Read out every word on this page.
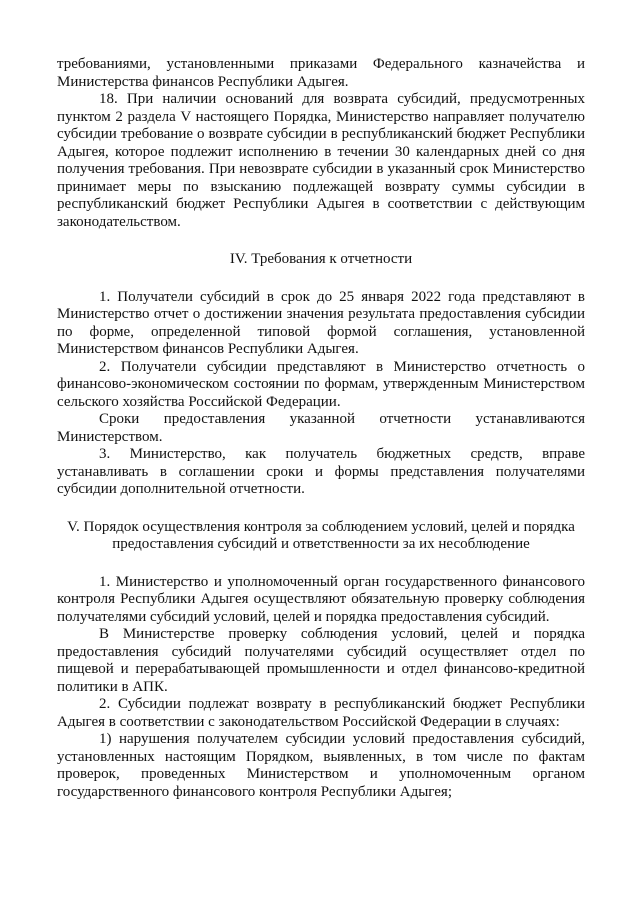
требованиями, установленными приказами Федерального казначейства и Министерства финансов Республики Адыгея.

18. При наличии оснований для возврата субсидий, предусмотренных пунктом 2 раздела V настоящего Порядка, Министерство направляет получателю субсидии требование о возврате субсидии в республиканский бюджет Республики Адыгея, которое подлежит исполнению в течении 30 календарных дней со дня получения требования. При невозврате субсидии в указанный срок Министерство принимает меры по взысканию подлежащей возврату суммы субсидии в республиканский бюджет Республики Адыгея в соответствии с действующим законодательством.

IV. Требования к отчетности

1. Получатели субсидий в срок до 25 января 2022 года представляют в Министерство отчет о достижении значения результата предоставления субсидии по форме, определенной типовой формой соглашения, установленной Министерством финансов Республики Адыгея.

2. Получатели субсидии представляют в Министерство отчетность о финансово-экономическом состоянии по формам, утвержденным Министерством сельского хозяйства Российской Федерации.

Сроки предоставления указанной отчетности устанавливаются Министерством.

3. Министерство, как получатель бюджетных средств, вправе устанавливать в соглашении сроки и формы представления получателями субсидии дополнительной отчетности.

V. Порядок осуществления контроля за соблюдением условий, целей и порядка

предоставления субсидий и ответственности за их несоблюдение

1. Министерство и уполномоченный орган государственного финансового контроля Республики Адыгея осуществляют обязательную проверку соблюдения получателями субсидий условий, целей и порядка предоставления субсидий.

В Министерстве проверку соблюдения условий, целей и порядка предоставления субсидий получателями субсидий осуществляет отдел по пищевой и перерабатывающей промышленности и отдел финансово-кредитной политики в АПК.

2. Субсидии подлежат возврату в республиканский бюджет Республики Адыгея в соответствии с законодательством Российской Федерации в случаях:

1) нарушения получателем субсидии условий предоставления субсидий, установленных настоящим Порядком, выявленных, в том числе по фактам проверок, проведенных Министерством и уполномоченным органом государственного финансового контроля Республики Адыгея;
